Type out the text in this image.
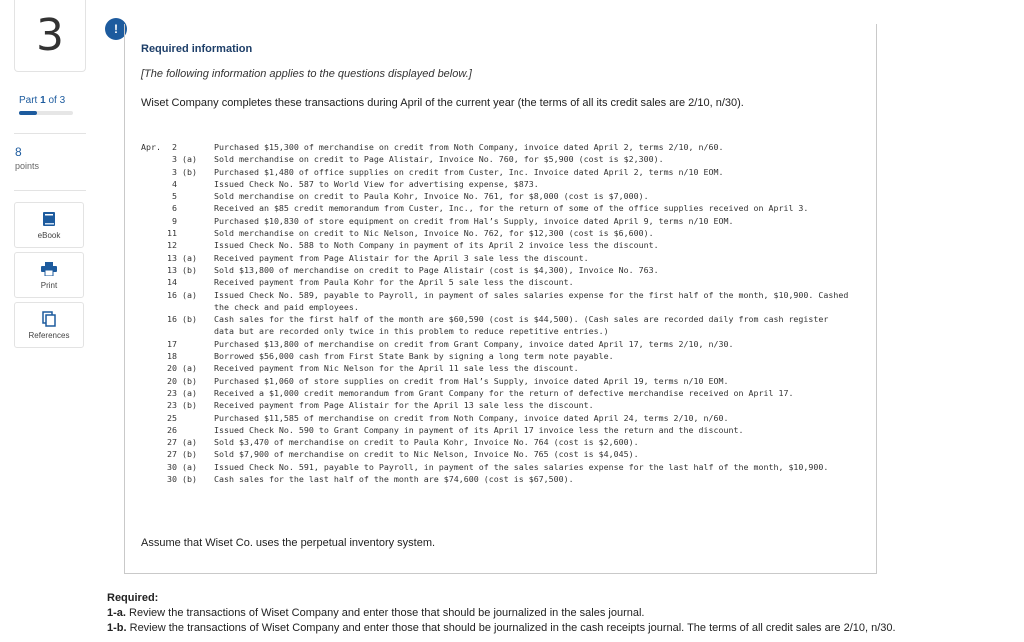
3
Part 1 of 3
8
points
eBook
Print
References
!
Required information
[The following information applies to the questions displayed below.]
Wiset Company completes these transactions during April of the current year (the terms of all its credit sales are 2/10, n/30).
Apr. 2	Purchased $15,300 of merchandise on credit from Noth Company, invoice dated April 2, terms 2/10, n/60.
3 (a)	Sold merchandise on credit to Page Alistair, Invoice No. 760, for $5,900 (cost is $2,300).
3 (b)	Purchased $1,480 of office supplies on credit from Custer, Inc. Invoice dated April 2, terms n/10 EOM.
4	Issued Check No. 587 to World View for advertising expense, $873.
5	Sold merchandise on credit to Paula Kohr, Invoice No. 761, for $8,000 (cost is $7,000).
6	Received an $85 credit memorandum from Custer, Inc., for the return of some of the office supplies received on April 3.
9	Purchased $10,830 of store equipment on credit from Hal’s Supply, invoice dated April 9, terms n/10 EOM.
11	Sold merchandise on credit to Nic Nelson, Invoice No. 762, for $12,300 (cost is $6,600).
12	Issued Check No. 588 to Noth Company in payment of its April 2 invoice less the discount.
13 (a)	Received payment from Page Alistair for the April 3 sale less the discount.
13 (b)	Sold $13,800 of merchandise on credit to Page Alistair (cost is $4,300), Invoice No. 763.
14	Received payment from Paula Kohr for the April 5 sale less the discount.
16 (a)	Issued Check No. 589, payable to Payroll, in payment of sales salaries expense for the first half of the month, $10,900. Cashed the check and paid employees.
16 (b)	Cash sales for the first half of the month are $60,590 (cost is $44,500). (Cash sales are recorded daily from cash register data but are recorded only twice in this problem to reduce repetitive entries.)
17	Purchased $13,800 of merchandise on credit from Grant Company, invoice dated April 17, terms 2/10, n/30.
18	Borrowed $56,000 cash from First State Bank by signing a long term note payable.
20 (a)	Received payment from Nic Nelson for the April 11 sale less the discount.
20 (b)	Purchased $1,060 of store supplies on credit from Hal’s Supply, invoice dated April 19, terms n/10 EOM.
23 (a)	Received a $1,000 credit memorandum from Grant Company for the return of defective merchandise received on April 17.
23 (b)	Received payment from Page Alistair for the April 13 sale less the discount.
25	Purchased $11,585 of merchandise on credit from Noth Company, invoice dated April 24, terms 2/10, n/60.
26	Issued Check No. 590 to Grant Company in payment of its April 17 invoice less the return and the discount.
27 (a)	Sold $3,470 of merchandise on credit to Paula Kohr, Invoice No. 764 (cost is $2,600).
27 (b)	Sold $7,900 of merchandise on credit to Nic Nelson, Invoice No. 765 (cost is $4,045).
30 (a)	Issued Check No. 591, payable to Payroll, in payment of the sales salaries expense for the last half of the month, $10,900.
30 (b)	Cash sales for the last half of the month are $74,600 (cost is $67,500).
Assume that Wiset Co. uses the perpetual inventory system.
Required:
1-a. Review the transactions of Wiset Company and enter those that should be journalized in the sales journal.
1-b. Review the transactions of Wiset Company and enter those that should be journalized in the cash receipts journal. The terms of all credit sales are 2/10, n/30.
